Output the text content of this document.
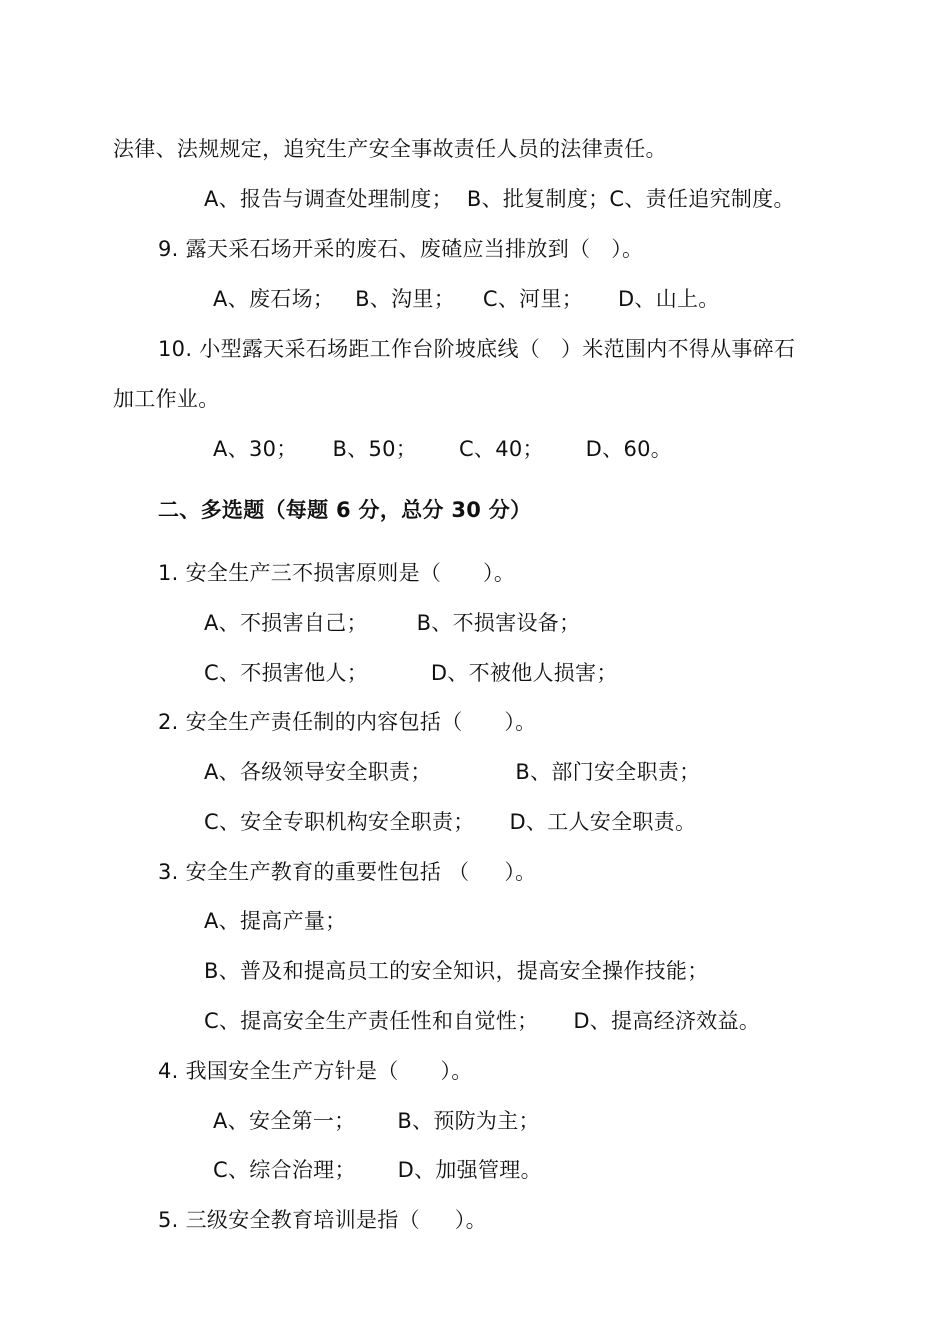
法律、法规规定，追究生产安全事故责任人员的法律责任。
A、报告与调查处理制度；  B、批复制度；C、责任追究制度。
9. 露天采石场开采的废石、废碴应当排放到（   ）。
A、废石场；   B、沟里；    C、河里；     D、山上。
10. 小型露天采石场距工作台阶坡底线（   ）米范围内不得从事碎石
加工作业。
A、30；     B、50；      C、40；      D、60。
二、多选题（每题 6 分，总分 30 分）
1. 安全生产三不损害原则是（      ）。
A、不损害自己；       B、不损害设备；
C、不损害他人；         D、不被他人损害；
2. 安全生产责任制的内容包括（      ）。
A、各级领导安全职责；            B、部门安全职责；
C、安全专职机构安全职责；     D、工人安全职责。
3. 安全生产教育的重要性包括 （     ）。
A、提高产量；
B、普及和提高员工的安全知识，提高安全操作技能；
C、提高安全生产责任性和自觉性；     D、提高经济效益。
4. 我国安全生产方针是（      ）。
A、安全第一；      B、预防为主；
C、综合治理；      D、加强管理。
5. 三级安全教育培训是指（     ）。
